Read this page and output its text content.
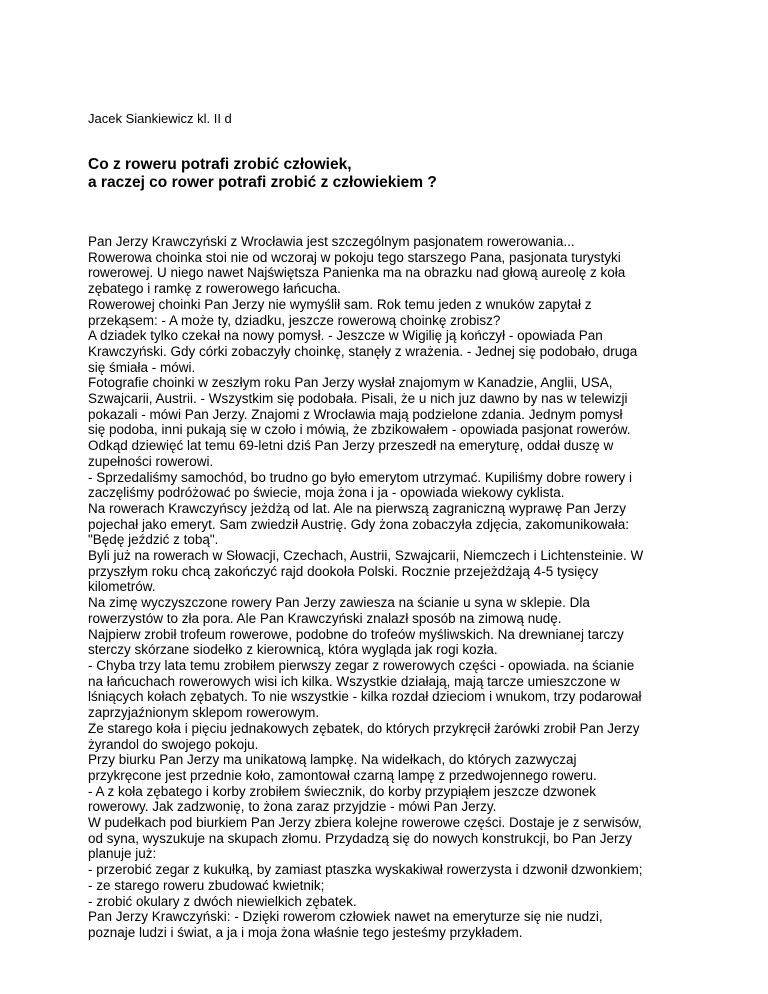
Jacek Siankiewicz kl. II d
Co z roweru potrafi zrobić człowiek,
a raczej co rower potrafi zrobić z człowiekiem ?
Pan Jerzy Krawczyński z Wrocławia jest szczególnym pasjonatem rowerowania...
Rowerowa choinka stoi nie od wczoraj w pokoju tego starszego Pana, pasjonata turystyki
rowerowej. U niego nawet Najświętsza Panienka ma na obrazku nad głową aureolę z koła
zębatego i ramkę z rowerowego łańcucha.
Rowerowej choinki Pan Jerzy nie wymyślił sam. Rok temu jeden z wnuków zapytał z
przekąsem: - A może ty, dziadku, jeszcze rowerową choinkę zrobisz?
A dziadek tylko czekał na nowy pomysł. - Jeszcze w Wigilię ją kończył - opowiada Pan
Krawczyński. Gdy córki zobaczyły choinkę, stanęły z wrażenia. - Jednej się podobało, druga
się śmiała - mówi.
Fotografie choinki w zeszłym roku Pan Jerzy wysłał znajomym w Kanadzie, Anglii, USA,
Szwajcarii, Austrii. - Wszystkim się podobała. Pisali, że u nich juz dawno by nas w telewizji
pokazali - mówi Pan Jerzy. Znajomi z Wrocławia mają podzielone zdania. Jednym pomysł
się podoba, inni pukają się w czoło i mówią, że zbzikowałem - opowiada pasjonat rowerów.
Odkąd dziewięć lat temu 69-letni dziś Pan Jerzy przeszedł na emeryturę, oddał duszę w
zupełności rowerowi.
- Sprzedaliśmy samochód, bo trudno go było emerytom utrzymać. Kupiliśmy dobre rowery i
zaczęliśmy podróżować po świecie, moja żona i ja - opowiada wiekowy cyklista.
Na rowerach Krawczyńscy jeżdżą od lat. Ale na pierwszą zagraniczną wyprawę Pan Jerzy
pojechał jako emeryt. Sam zwiedził Austrię. Gdy żona zobaczyła zdjęcia, zakomunikowała:
"Będę jeździć z tobą".
Byli już na rowerach w Słowacji, Czechach, Austrii, Szwajcarii, Niemczech i Lichtensteinie. W
przyszłym roku chcą zakończyć rajd dookoła Polski. Rocznie przejeżdżają 4-5 tysięcy
kilometrów.
Na zimę wyczyszczone rowery Pan Jerzy zawiesza na ścianie u syna w sklepie. Dla
rowerzystów to zła pora. Ale Pan Krawczyński znalazł sposób na zimową nudę.
Najpierw zrobił trofeum rowerowe, podobne do trofeów myśliwskich. Na drewnianej tarczy
sterczy skórzane siodełko z kierownicą, która wygląda jak rogi kozła.
- Chyba trzy lata temu zrobiłem pierwszy zegar z rowerowych części - opowiada. na ścianie
na łańcuchach rowerowych wisi ich kilka. Wszystkie działają, mają tarcze umieszczone w
lśniących kołach zębatych. To nie wszystkie - kilka rozdał dzieciom i wnukom, trzy podarował
zaprzyjaźnionym sklepom rowerowym.
Ze starego koła i pięciu jednakowych zębatek, do których przykręcił żarówki zrobił Pan Jerzy
żyrandol do swojego pokoju.
Przy biurku Pan Jerzy ma unikatową lampkę. Na widełkach, do których zazwyczaj
przykręcone jest przednie koło, zamontował czarną lampę z przedwojennego roweru.
- A z koła zębatego i korby zrobiłem świecznik, do korby przypiąłem jeszcze dzwonek
rowerowy. Jak zadzwonię, to żona zaraz przyjdzie - mówi Pan Jerzy.
W pudełkach pod biurkiem Pan Jerzy zbiera kolejne rowerowe części. Dostaje je z serwisów,
od syna, wyszukuje na skupach złomu. Przydadzą się do nowych konstrukcji, bo Pan Jerzy
planuje już:
- przerobić zegar z kukułką, by zamiast ptaszka wyskakiwał rowerzysta i dzwonił dzwonkiem;
- ze starego roweru zbudować kwietnik;
- zrobić okulary z dwóch niewielkich zębatek.
Pan Jerzy Krawczyński: - Dzięki rowerom człowiek nawet na emeryturze się nie nudzi,
poznaje ludzi i świat, a ja i moja żona właśnie tego jesteśmy przykładem.
